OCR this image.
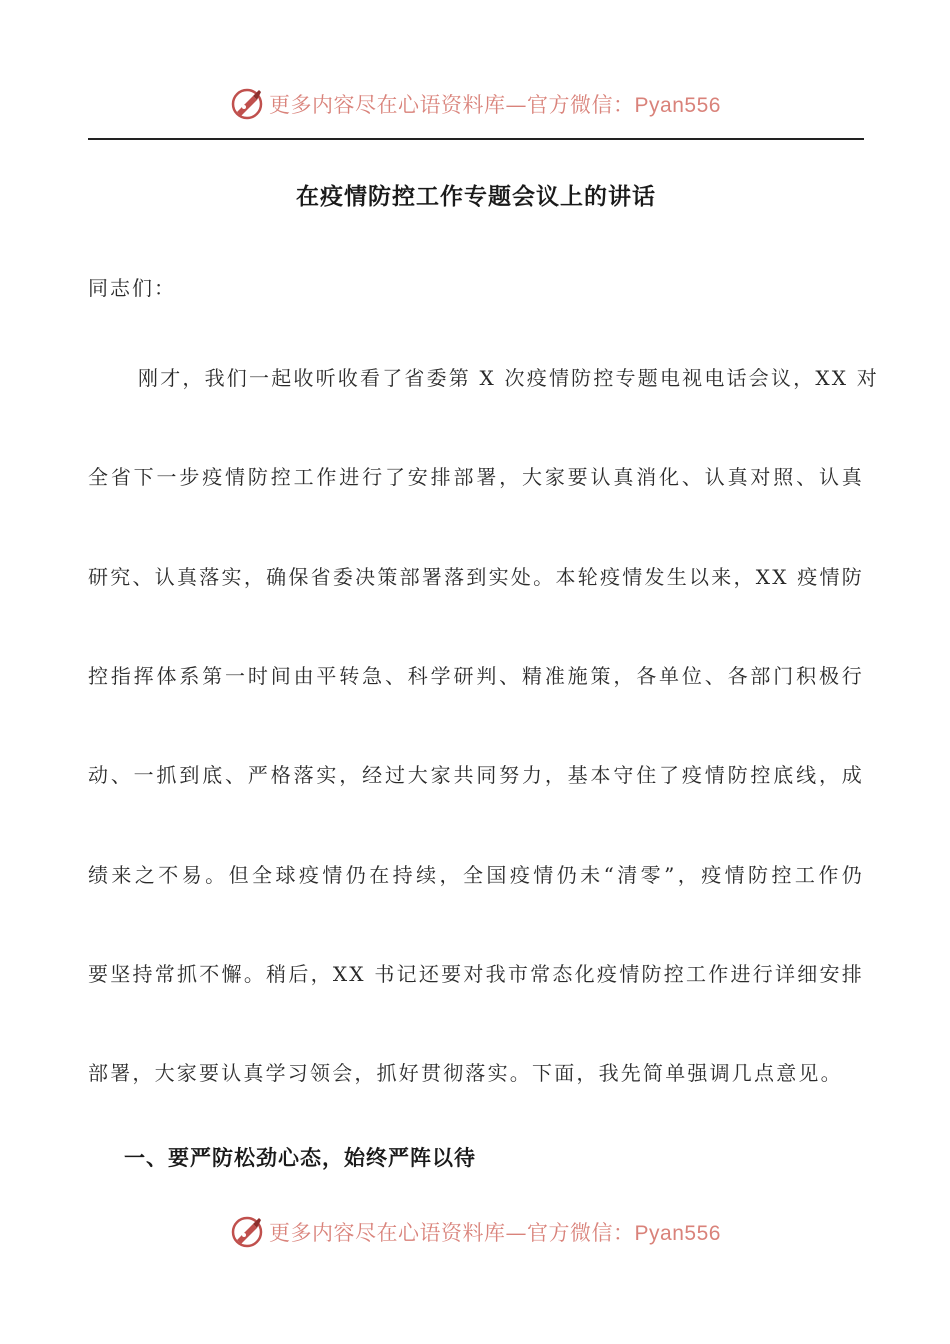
更多内容尽在心语资料库—官方微信：Pyan556
在疫情防控工作专题会议上的讲话
同志们：
刚才，我们一起收听收看了省委第 X 次疫情防控专题电视电话会议，XX 对
全省下一步疫情防控工作进行了安排部署，大家要认真消化、认真对照、认真
研究、认真落实，确保省委决策部署落到实处。本轮疫情发生以来，XX 疫情防
控指挥体系第一时间由平转急、科学研判、精准施策，各单位、各部门积极行
动、一抓到底、严格落实，经过大家共同努力，基本守住了疫情防控底线，成
绩来之不易。但全球疫情仍在持续，全国疫情仍未“清零”，疫情防控工作仍
要坚持常抓不懈。稍后，XX 书记还要对我市常态化疫情防控工作进行详细安排
部署，大家要认真学习领会，抓好贯彻落实。下面，我先简单强调几点意见。
一、要严防松劲心态，始终严阵以待
更多内容尽在心语资料库—官方微信：Pyan556
